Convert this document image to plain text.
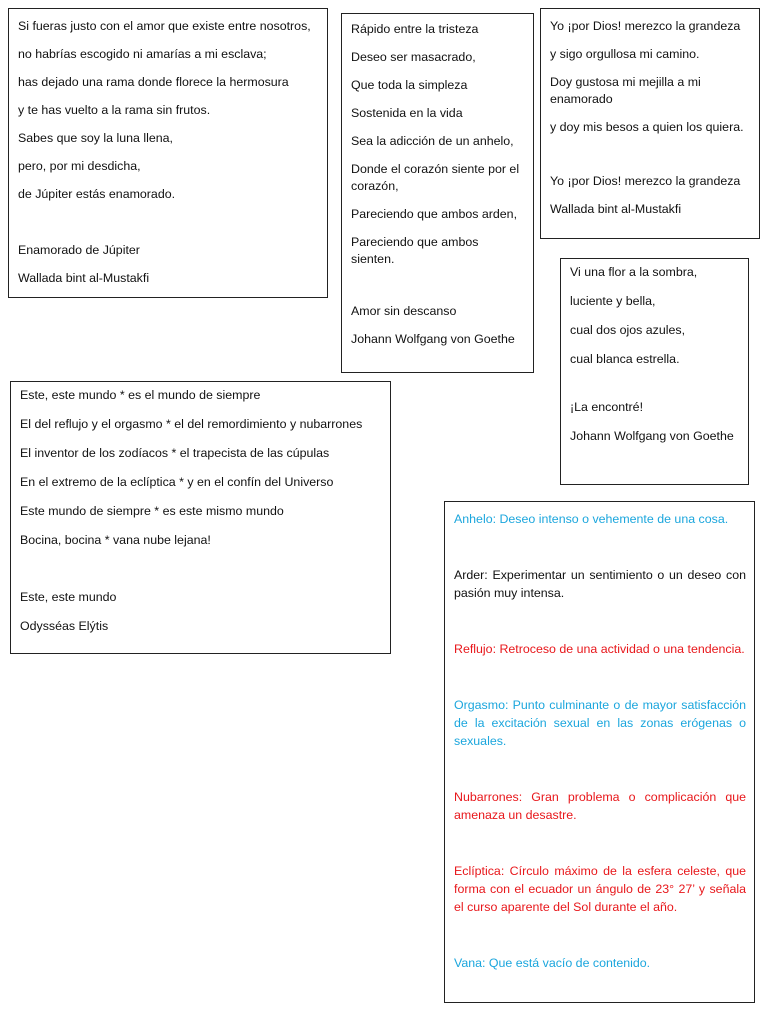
Si fueras justo con el amor que existe entre nosotros,
no habrías escogido ni amarías a mi esclava;
has dejado una rama donde florece la hermosura
y te has vuelto a la rama sin frutos.
Sabes que soy la luna llena,
pero, por mi desdicha,
de Júpiter estás enamorado.
Enamorado de Júpiter
Wallada bint al-Mustakfi
Rápido entre la tristeza
Deseo ser masacrado,
Que toda la simpleza
Sostenida en la vida
Sea la adicción de un anhelo,
Donde el corazón siente por el corazón,
Pareciendo que ambos arden,
Pareciendo que ambos sienten.
Amor sin descanso
Johann Wolfgang von Goethe
Yo ¡por Dios! merezco la grandeza
y sigo orgullosa mi camino.
Doy gustosa mi mejilla a mi enamorado
y doy mis besos a quien los quiera.
Yo ¡por Dios! merezco la grandeza
Wallada bint al-Mustakfi
Vi una flor a la sombra,
luciente y bella,
cual dos ojos azules,
cual blanca estrella.
¡La encontré!
Johann Wolfgang von Goethe
Este, este mundo * es el mundo de siempre
El del reflujo y el orgasmo * el del remordimiento y nubarrones
El inventor de los zodíacos * el trapecista de las cúpulas
En el extremo de la eclíptica * y en el confín del Universo
Este mundo de siempre * es este mismo mundo
Bocina, bocina * vana nube lejana!
Este, este mundo
Odysséas Elýtis

Anhelo: Deseo intenso o vehemente de una cosa.

Arder: Experimentar un sentimiento o un deseo con pasión muy intensa.

Reflujo: Retroceso de una actividad o una tendencia.

Orgasmo: Punto culminante o de mayor satisfacción de la excitación sexual en las zonas erógenas o sexuales.

Nubarrones: Gran problema o complicación que amenaza un desastre.

Eclíptica: Círculo máximo de la esfera celeste, que forma con el ecuador un ángulo de 23° 27’ y señala el curso aparente del Sol durante el año.

Vana: Que está vacío de contenido.
